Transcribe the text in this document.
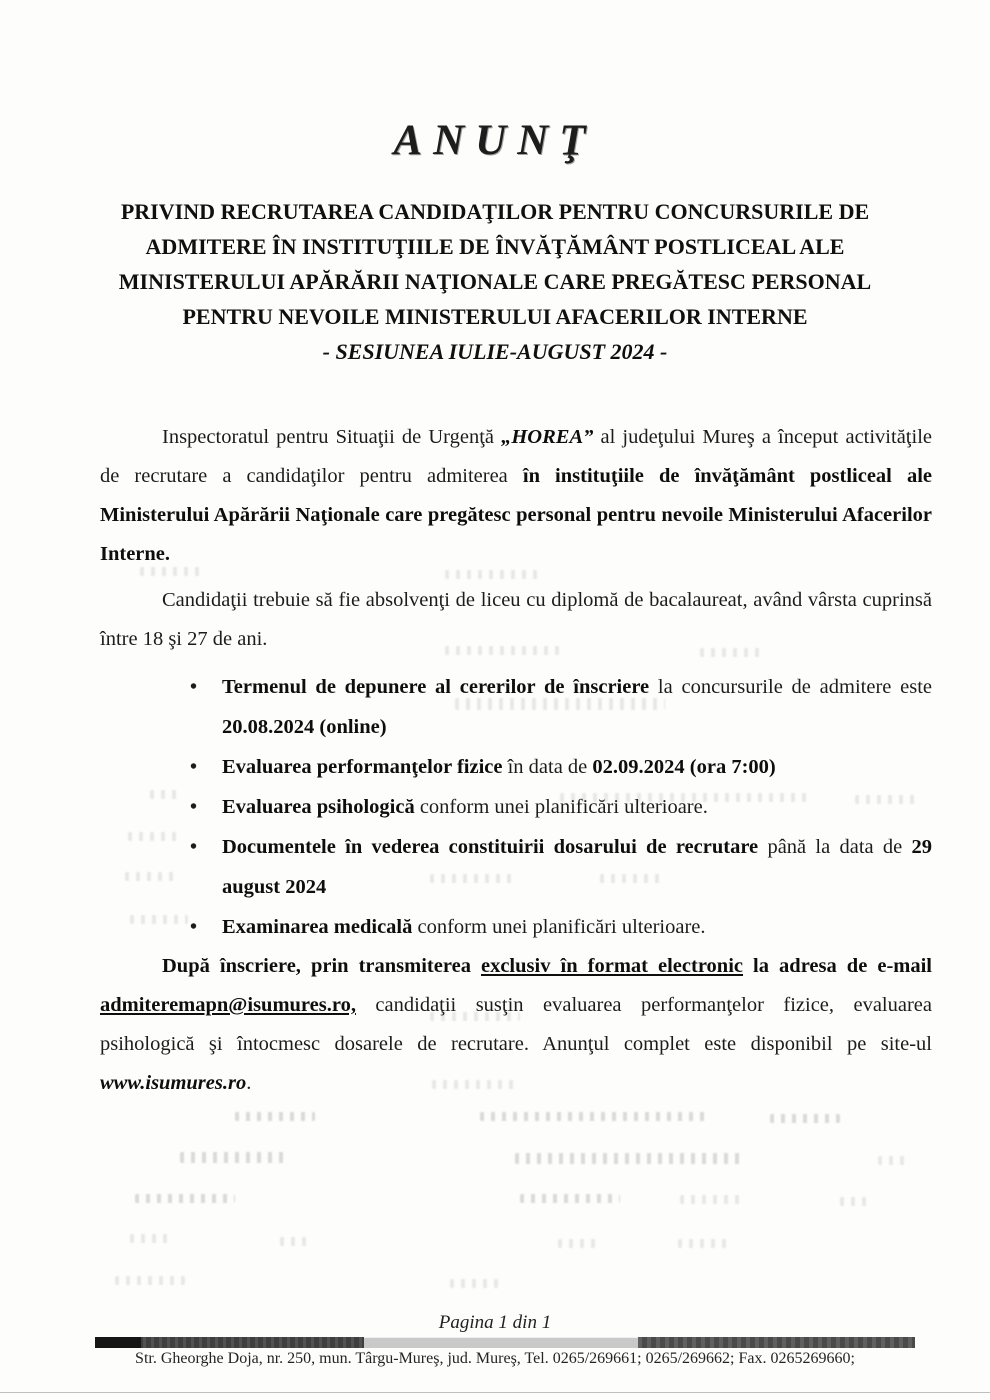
ANUNŢ
PRIVIND RECRUTAREA CANDIDAŢILOR PENTRU CONCURSURILE DE
ADMITERE ÎN INSTITUŢIILE DE ÎNVĂŢĂMÂNT POSTLICEAL ALE
MINISTERULUI APĂRĂRII NAŢIONALE CARE PREGĂTESC PERSONAL
PENTRU NEVOILE MINISTERULUI AFACERILOR INTERNE
- SESIUNEA IULIE-AUGUST 2024 -

Inspectoratul pentru Situaţii de Urgenţă „HOREA” al judeţului Mureş a început activităţile de recrutare a candidaţilor pentru admiterea în instituţiile de învăţământ postliceal ale Ministerului Apărării Naţionale care pregătesc personal pentru nevoile Ministerului Afacerilor Interne.

Candidaţii trebuie să fie absolvenţi de liceu cu diplomă de bacalaureat, având vârsta cuprinsă între 18 şi 27 de ani.

• Termenul de depunere al cererilor de înscriere la concursurile de admitere este 20.08.2024 (online)
• Evaluarea performanţelor fizice în data de 02.09.2024 (ora 7:00)
• Evaluarea psihologică conform unei planificări ulterioare.
• Documentele în vederea constituirii dosarului de recrutare până la data de 29 august 2024
• Examinarea medicală conform unei planificări ulterioare.

După înscriere, prin transmiterea exclusiv în format electronic la adresa de e-mail admiteremapn@isumures.ro, candidaţii susţin evaluarea performanţelor fizice, evaluarea psihologică şi întocmesc dosarele de recrutare. Anunţul complet este disponibil pe site-ul www.isumures.ro.

Pagina 1 din 1
Str. Gheorghe Doja, nr. 250, mun. Târgu-Mureş, jud. Mureş, Tel. 0265/269661; 0265/269662; Fax. 0265269660;
